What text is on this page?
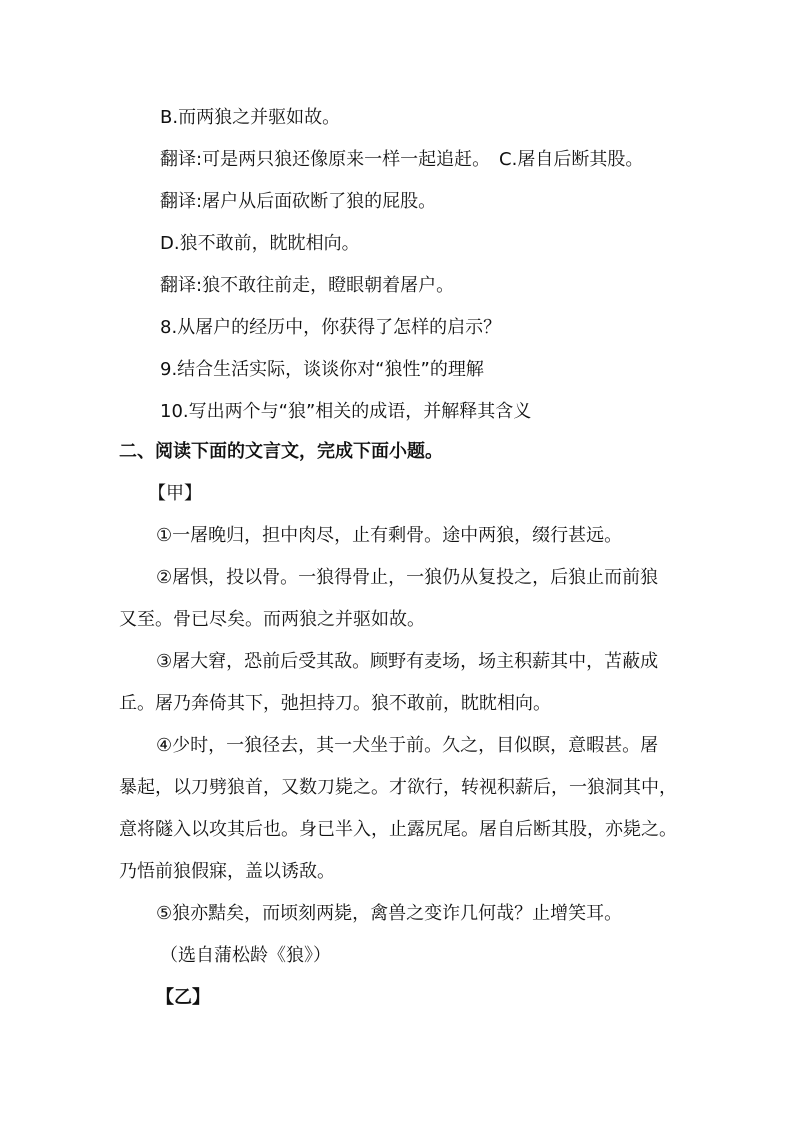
B.而两狼之并驱如故。
翻译:可是两只狼还像原来一样一起追赶。　C.屠自后断其股。
翻译:屠户从后面砍断了狼的屁股。
D.狼不敢前，眈眈相向。
翻译:狼不敢往前走，瞪眼朝着屠户。
8.从屠户的经历中，你获得了怎样的启示？
9.结合生活实际，谈谈你对“狼性”的理解
10.写出两个与“狼”相关的成语，并解释其含义
二、阅读下面的文言文，完成下面小题。
【甲】
①一屠晚归，担中肉尽，止有剩骨。途中两狼，缀行甚远。
②屠惧，投以骨。一狼得骨止，一狼仍从复投之，后狼止而前狼
又至。骨已尽矣。而两狼之并驱如故。
③屠大窘，恐前后受其敌。顾野有麦场，场主积薪其中，苫蔽成
丘。屠乃奔倚其下，弛担持刀。狼不敢前，眈眈相向。
④少时，一狼径去，其一犬坐于前。久之，目似瞑，意暇甚。屠
暴起，以刀劈狼首，又数刀毙之。才欲行，转视积薪后，一狼洞其中，
意将隧入以攻其后也。身已半入，止露尻尾。屠自后断其股，亦毙之。
乃悟前狼假寐，盖以诱敌。
⑤狼亦黠矣，而顷刻两毙，禽兽之变诈几何哉？止增笑耳。
（选自蒲松龄《狼》）
【乙】
